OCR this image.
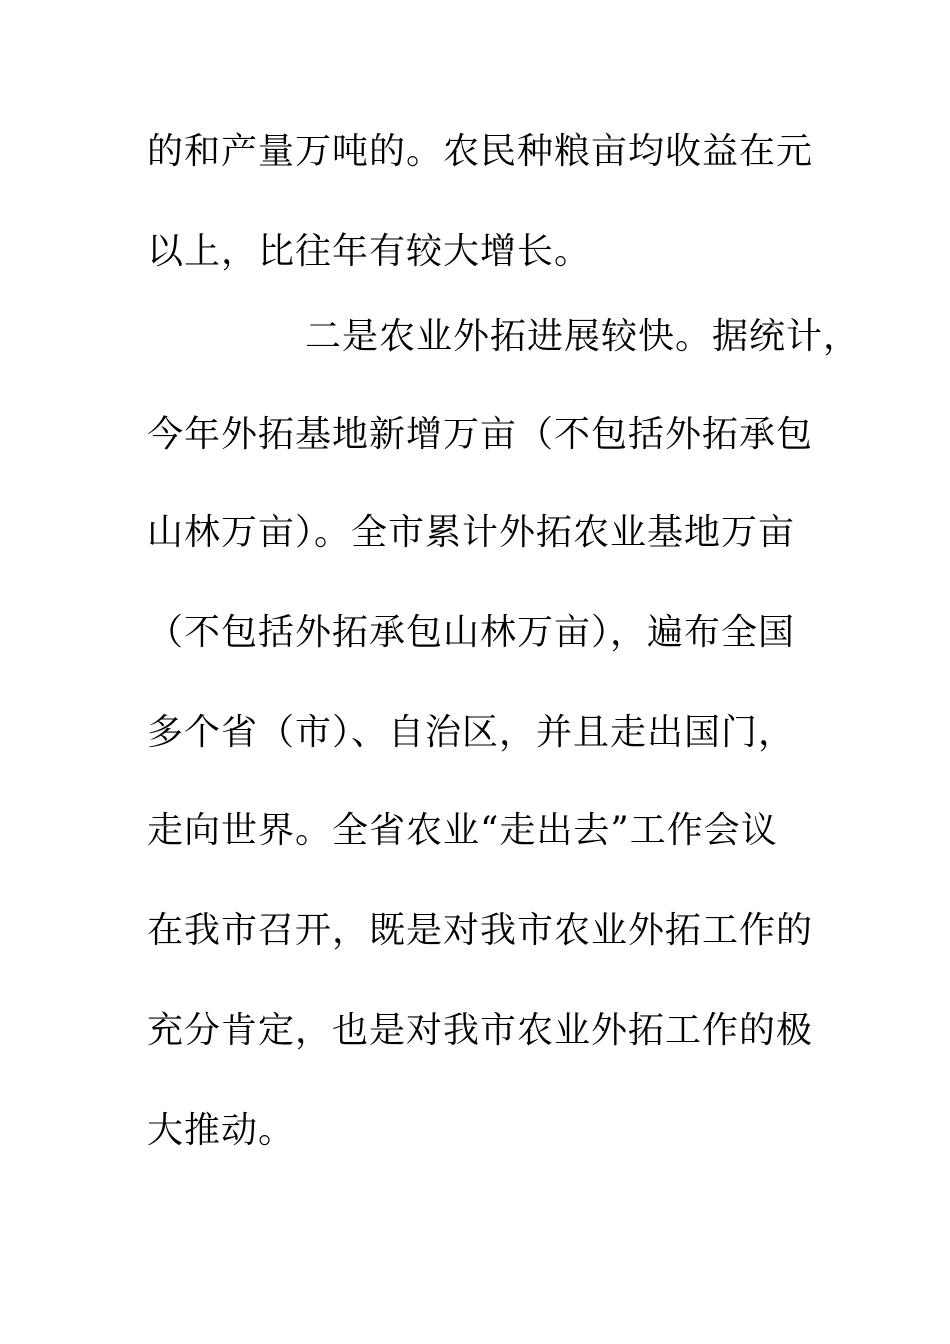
的和产量万吨的。农民种粮亩均收益在元
以上，比往年有较大增长。
二是农业外拓进展较快。据统计，
今年外拓基地新增万亩（不包括外拓承包
山林万亩）。全市累计外拓农业基地万亩
（不包括外拓承包山林万亩），遍布全国
多个省（市）、自治区，并且走出国门，
走向世界。全省农业“走出去”工作会议
在我市召开，既是对我市农业外拓工作的
充分肯定，也是对我市农业外拓工作的极
大推动。
